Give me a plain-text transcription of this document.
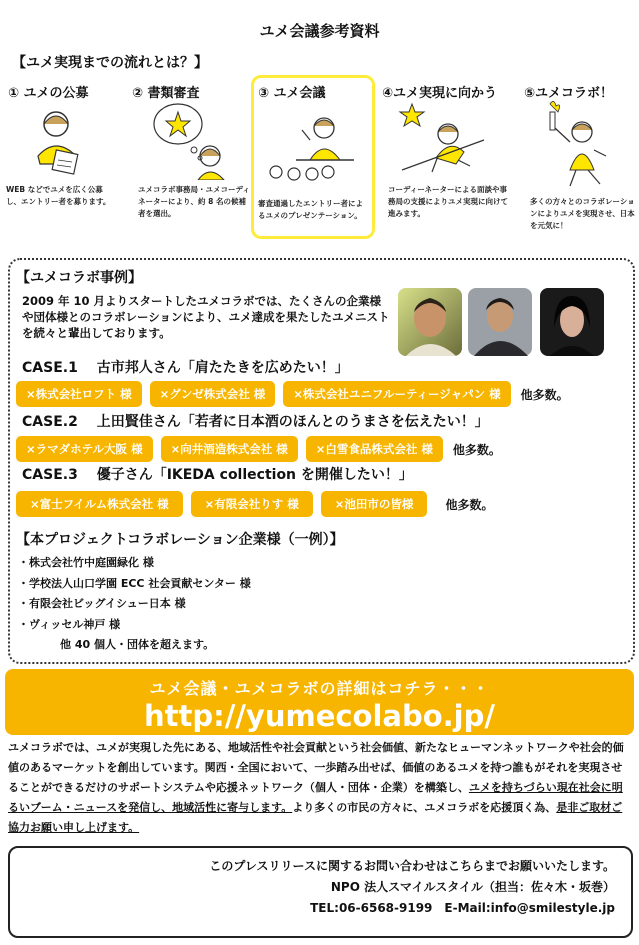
ユメ会議参考資料
【ユメ実現までの流れとは？】
① ユメの公募
WEB などでユメを広く公募し、エントリー者を募ります。
② 書類審査
ユメコラボ事務局・ユメコーディネーターにより、約 8 名の候補者を選出。
③ ユメ会議
審査通過したエントリー者によるユメのプレゼンテーション。
④ユメ実現に向かう
コーディーネーターによる面談や事務局の支援によりユメ実現に向けて進みます。
⑤ユメコラボ！
多くの方々とのコラボレーションによりユメを実現させ、日本を元気に！
【ユメコラボ事例】
2009 年 10 月よりスタートしたユメコラボでは、たくさんの企業様や団体様とのコラボレーションにより、ユメ達成を果たしたユメニストを続々と輩出しております。
CASE.1　 古市邦人さん「肩たたきを広めたい！」
×株式会社ロフト 様	×グンゼ株式会社 様	×株式会社ユニフルーティージャパン 様	他多数。
CASE.2　 上田賢佳さん「若者に日本酒のほんとのうまさを伝えたい！」
×ラマダホテル大阪 様	×向井酒造株式会社 様	×白雪食品株式会社 様	他多数。
CASE.3　 優子さん「IKEDA collection を開催したい！」
×富士フイルム株式会社 様	×有限会社りす 様	×池田市の皆様	他多数。
【本プロジェクトコラボレーション企業様（一例）】
・株式会社竹中庭園緑化 様
・学校法人山口学園 ECC 社会貢献センター 様
・有限会社ビッグイシュー日本 様
・ヴィッセル神戸 様
他 40 個人・団体を超えます。
ユメ会議・ユメコラボの詳細はコチラ・・・
http://yumecolabo.jp/
ユメコラボでは、ユメが実現した先にある、地域活性や社会貢献という社会価値、新たなヒューマンネットワークや社会的価値のあるマーケットを創出しています。関西・全国において、一歩踏み出せば、価値のあるユメを持つ誰もがそれを実現させることができるだけのサポートシステムや応援ネットワーク（個人・団体・企業）を構築し、ユメを持ちづらい現在社会に明るいブーム・ニュースを発信し、地域活性に寄与します。より多くの市民の方々に、ユメコラボを応援頂く為、是非ご取材ご協力お願い申し上げます。

このプレスリリースに関するお問い合わせはこちらまでお願いいたします。

NPO 法人スマイルスタイル（担当：佐々木・坂巻）

TEL:06-6568-9199　E-Mail:info@smilestyle.jp
